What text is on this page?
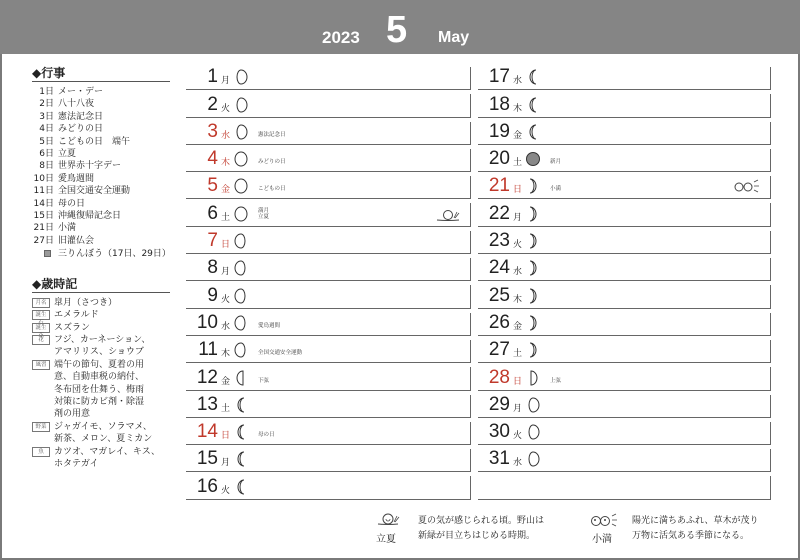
2023 5 May
◆行事
1日 メー・デー
2日 八十八夜
3日 憲法記念日
4日 みどりの日
5日 こどもの日　端午
6日 立夏
8日 世界赤十字デー
10日 愛鳥週間
11日 全国交通安全運動
14日 母の日
15日 沖縄復帰記念日
21日 小満
27日 旧灌仏会
三りんぼう（17日、29日）
◆歳時記
月名 皐月（さつき）
誕生石
エメラルド
誕生花
スズラン
花	フジ、カーネーション、
アマリリス、ショウブ
風習 端午の節句、夏着の用
意、自動車税の納付、
冬布団を仕舞う、梅雨
対策に防カビ剤・除湿
剤の用意
野菜 ジャガイモ、ソラマメ、
新茶、メロン、夏ミカン
魚	カツオ、マガレイ、キス、
ホタテガイ
1 月
2 火
3 水	憲法記念日
4 木	みどりの日
5 金	こどもの日
6 土
満月
立夏
7 日
8 月
9 火
10 水	愛鳥週間
11 木	全国交通安全運動
12 金	下弦
13 土
14 日	母の日
15 月
16 火
17 水
18 木
19 金
20 土	新月
21 日	小満
22 月
23 火
24 水
25 木
26 金
27 土
28 日	上弦
29 月
30 火
31 水
立夏
夏の気が感じられる頃。野山は
新緑が目立ちはじめる時期。	小満
陽光に満ちあふれ、草木が茂り
万物に活気ある季節になる。
